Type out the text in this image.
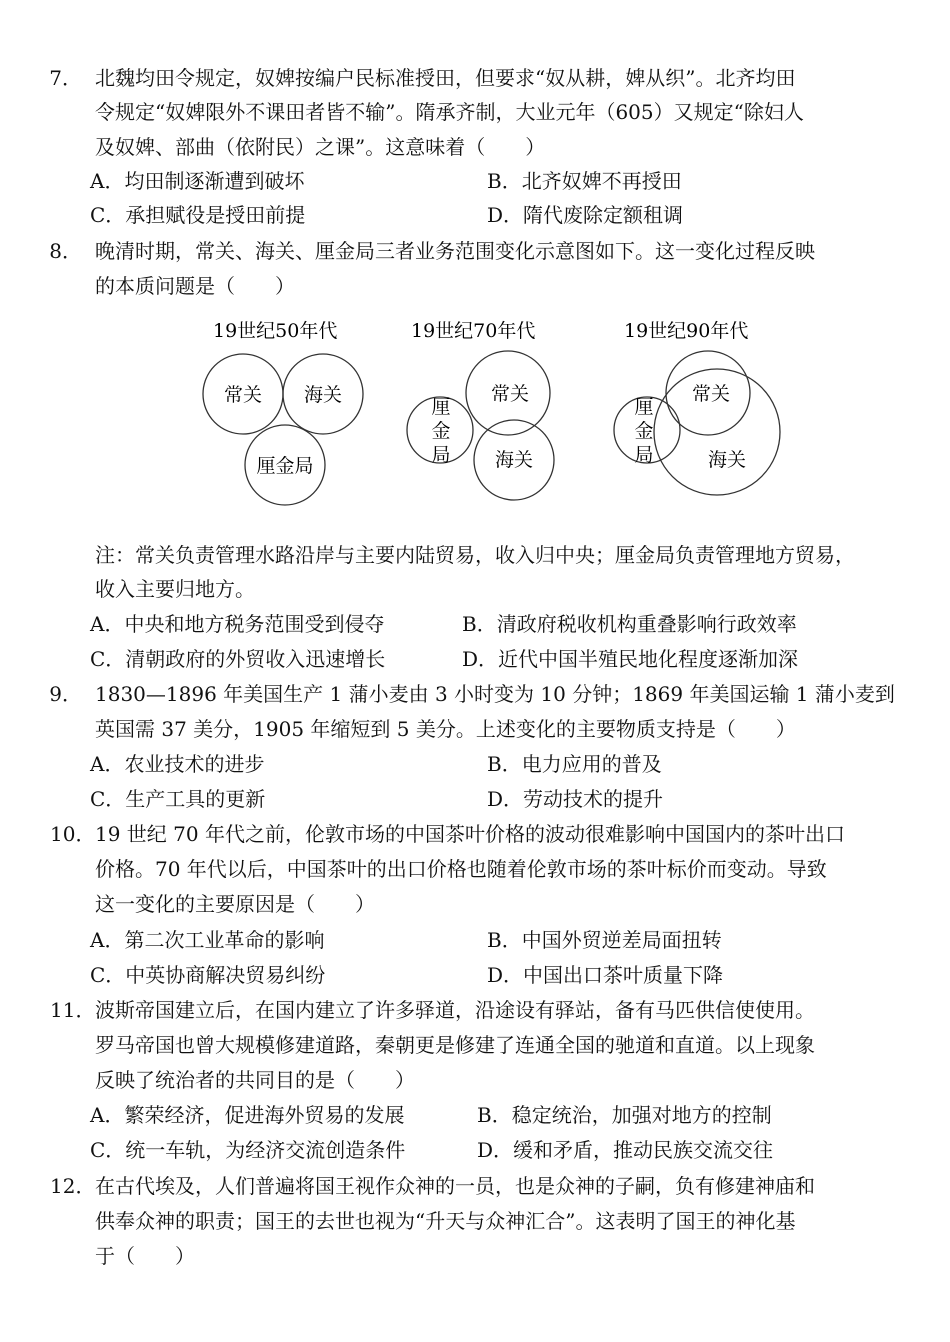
7． 北魏均田令规定，奴婢按编户民标准授田，但要求“奴从耕，婢从织”。北齐均田
令规定“奴婢限外不课田者皆不输”。隋承齐制，大业元年（605）又规定“除妇人
及奴婢、部曲（依附民）之课”。这意味着（　　）
A．均田制逐渐遭到破坏	B．北齐奴婢不再授田
C．承担赋役是授田前提	D．隋代废除定额租调
8． 晚清时期，常关、海关、厘金局三者业务范围变化示意图如下。这一变化过程反映
的本质问题是（　　）
19世纪50年代	19世纪70年代	19世纪90年代
常关 海关
厘金局
常关
海关
厘金局
常关
海关
厘金局
注：常关负责管理水路沿岸与主要内陆贸易，收入归中央；厘金局负责管理地方贸易，
收入主要归地方。
A．中央和地方税务范围受到侵夺	B．清政府税收机构重叠影响行政效率
C．清朝政府的外贸收入迅速增长	D．近代中国半殖民地化程度逐渐加深
9． 1830—1896 年美国生产 1 蒲小麦由 3 小时变为 10 分钟；1869 年美国运输 1 蒲小麦到
英国需 37 美分，1905 年缩短到 5 美分。上述变化的主要物质支持是（　　）
A．农业技术的进步	B．电力应用的普及
C．生产工具的更新	D．劳动技术的提升
10． 19 世纪 70 年代之前，伦敦市场的中国茶叶价格的波动很难影响中国国内的茶叶出口
价格。70 年代以后，中国茶叶的出口价格也随着伦敦市场的茶叶标价而变动。导致
这一变化的主要原因是（　　）
A．第二次工业革命的影响	B．中国外贸逆差局面扭转
C．中英协商解决贸易纠纷	D．中国出口茶叶质量下降
11． 波斯帝国建立后，在国内建立了许多驿道，沿途设有驿站，备有马匹供信使使用。
罗马帝国也曾大规模修建道路，秦朝更是修建了连通全国的驰道和直道。以上现象
反映了统治者的共同目的是（　　）
A．繁荣经济，促进海外贸易的发展	B．稳定统治，加强对地方的控制
C．统一车轨，为经济交流创造条件	D．缓和矛盾，推动民族交流交往
12． 在古代埃及，人们普遍将国王视作众神的一员，也是众神的子嗣，负有修建神庙和
供奉众神的职责；国王的去世也视为“升天与众神汇合”。这表明了国王的神化基
于（　　）
